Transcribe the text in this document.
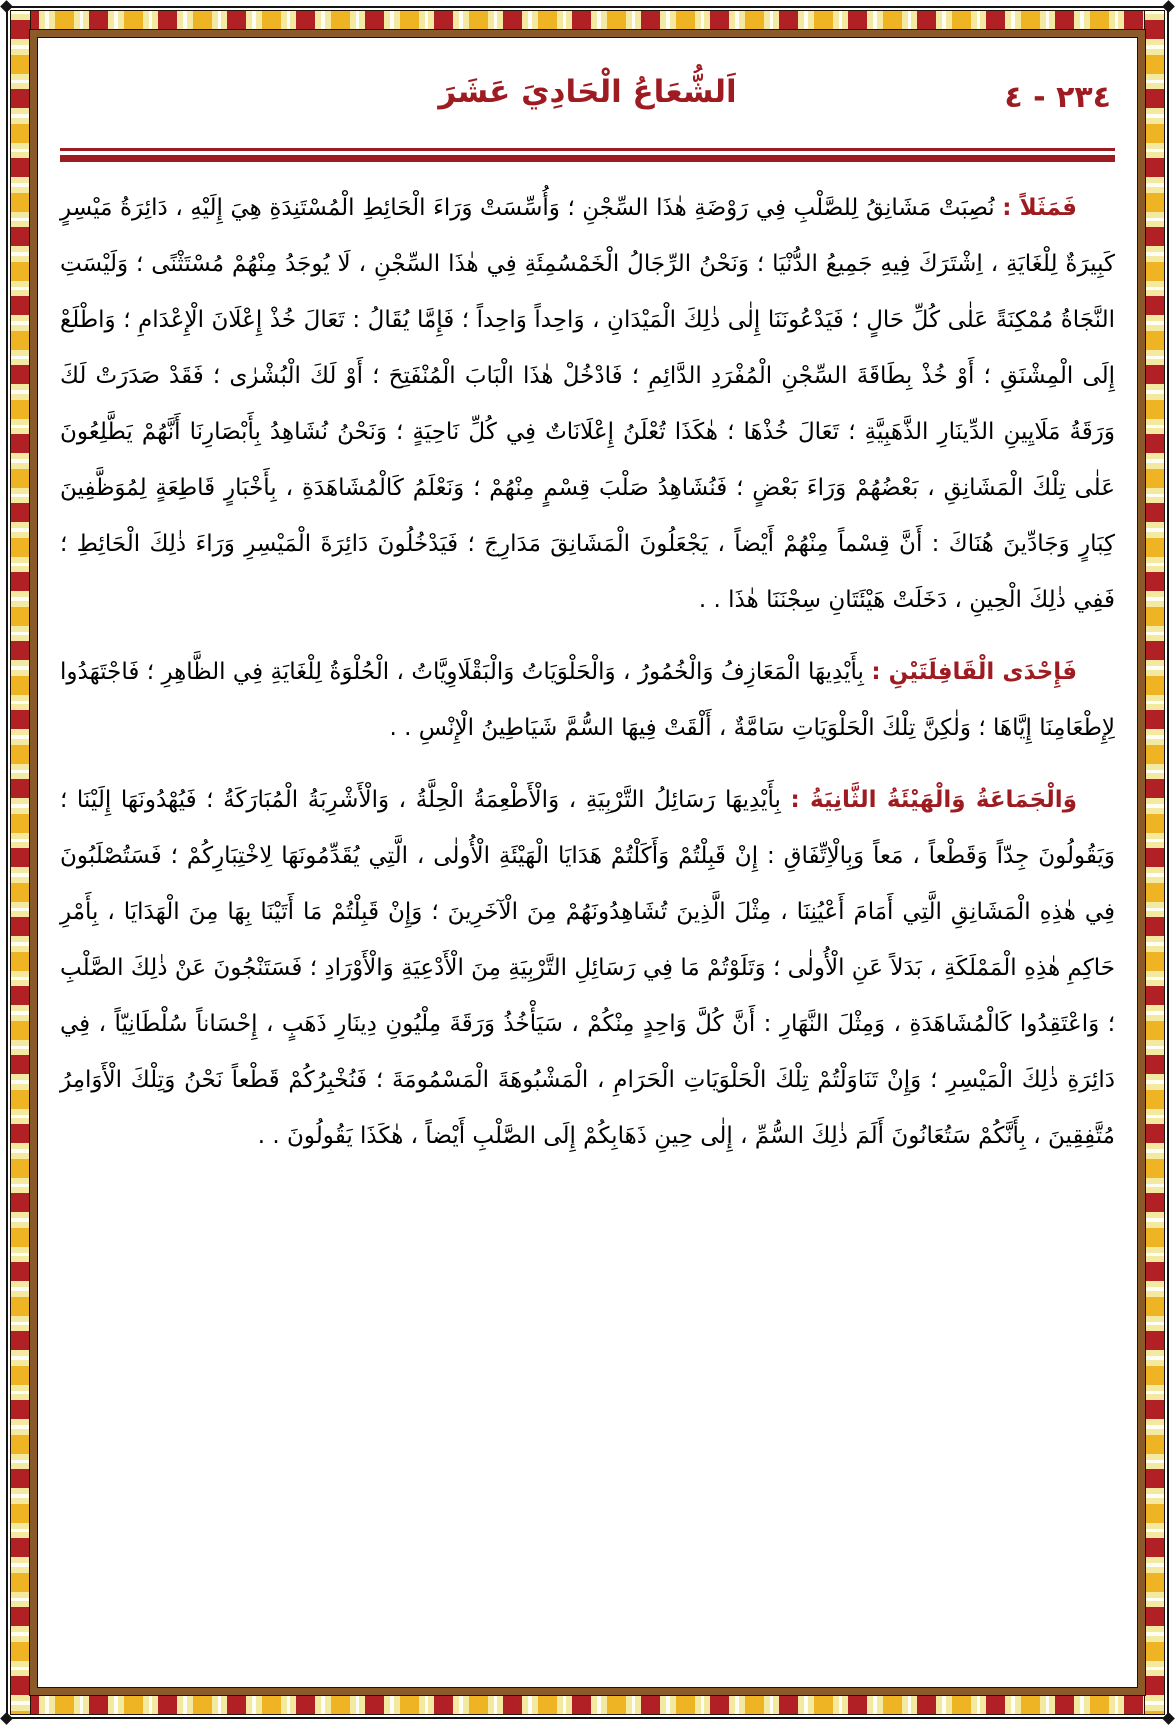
٢٣٤ - ٤
اَلشُّعَاعُ الْحَادِيَ عَشَرَ

فَمَثَلاً : نُصِبَتْ مَشَانِقُ لِلصَّلْبِ فِي رَوْضَةِ هٰذَا السِّجْنِ ؛ وَأُسِّسَتْ وَرَاءَ الْحَائِطِ الْمُسْتَنِدَةِ هِيَ إِلَيْهِ ، دَائِرَةُ مَيْسِرٍ كَبِيرَةٌ لِلْغَايَةِ ، اِشْتَرَكَ فِيهِ جَمِيعُ الدُّنْيَا ؛ وَنَحْنُ الرِّجَالُ الْخَمْسُمِئَةِ فِي هٰذَا السِّجْنِ ، لَا يُوجَدُ مِنْهُمْ مُسْتَثْنًى ؛ وَلَيْسَتِ النَّجَاةُ مُمْكِنَةً عَلٰى كُلِّ حَالٍ ؛ فَيَدْعُونَنَا إِلٰى ذٰلِكَ الْمَيْدَانِ ، وَاحِداً وَاحِداً ؛ فَإِمَّا يُقَالُ : تَعَالَ خُذْ إِعْلَانَ الْإِعْدَامِ ؛ وَاطْلَعْ إِلَى الْمِشْنَقِ ؛ أَوْ خُذْ بِطَاقَةَ السِّجْنِ الْمُفْرَدِ الدَّائِمِ ؛ فَادْخُلْ هٰذَا الْبَابَ الْمُنْفَتِحَ ؛ أَوْ لَكَ الْبُشْرٰى ؛ فَقَدْ صَدَرَتْ لَكَ وَرَقَةُ مَلَايِينِ الدِّينَارِ الذَّهَبِيَّةِ ؛ تَعَالَ خُذْهَا ؛ هٰكَذَا تُعْلَنُ إِعْلَانَاتٌ فِي كُلِّ نَاحِيَةٍ ؛ وَنَحْنُ نُشَاهِدُ بِأَبْصَارِنَا أَنَّهُمْ يَطَّلِعُونَ عَلٰى تِلْكَ الْمَشَانِقِ ، بَعْضُهُمْ وَرَاءَ بَعْضٍ ؛ فَنُشَاهِدُ صَلْبَ قِسْمٍ مِنْهُمْ ؛ وَنَعْلَمُ كَالْمُشَاهَدَةِ ، بِأَخْبَارٍ قَاطِعَةٍ لِمُوَظَّفِينَ كِبَارٍ وَجَادِّينَ هُنَاكَ : أَنَّ قِسْماً مِنْهُمْ أَيْضاً ، يَجْعَلُونَ الْمَشَانِقَ مَدَارِجَ ؛ فَيَدْخُلُونَ دَائِرَةَ الْمَيْسِرِ وَرَاءَ ذٰلِكَ الْحَائِطِ ؛ فَفِي ذٰلِكَ الْحِينِ ، دَخَلَتْ هَيْئَتَانِ سِجْنَنَا هٰذَا . .

فَإِحْدَى الْقَافِلَتَيْنِ : بِأَيْدِيهَا الْمَعَازِفُ وَالْخُمُورُ ، وَالْحَلْوَيَاتُ وَالْبَقْلَاوِيَّاتُ ، الْحُلْوَةُ لِلْغَايَةِ فِي الظَّاهِرِ ؛ فَاجْتَهَدُوا لِإِطْعَامِنَا إِيَّاهَا ؛ وَلٰكِنَّ تِلْكَ الْحَلْوَيَاتِ سَامَّةٌ ، أَلْقَتْ فِيهَا السُّمَّ شَيَاطِينُ الْإِنْسِ . .

وَالْجَمَاعَةُ وَالْهَيْئَةُ الثَّانِيَةُ : بِأَيْدِيهَا رَسَائِلُ التَّرْبِيَةِ ، وَالْأَطْعِمَةُ الْحِلَّةُ ، وَالْأَشْرِبَةُ الْمُبَارَكَةُ ؛ فَيُهْدُونَهَا إِلَيْنَا ؛ وَيَقُولُونَ جِدّاً وَقَطْعاً ، مَعاً وَبِالْاِتِّفَاقِ : إِنْ قَبِلْتُمْ وَأَكَلْتُمْ هَدَايَا الْهَيْئَةِ الْأُولٰى ، الَّتِي يُقَدِّمُونَهَا لِاخْتِبَارِكُمْ ؛ فَسَتُصْلَبُونَ فِي هٰذِهِ الْمَشَانِقِ الَّتِي أَمَامَ أَعْيُنِنَا ، مِثْلَ الَّذِينَ تُشَاهِدُونَهُمْ مِنَ الْآخَرِينَ ؛ وَإِنْ قَبِلْتُمْ مَا أَتَيْنَا بِهَا مِنَ الْهَدَايَا ، بِأَمْرِ حَاكِمِ هٰذِهِ الْمَمْلَكَةِ ، بَدَلاً عَنِ الْأُولٰى ؛ وَتَلَوْتُمْ مَا فِي رَسَائِلِ التَّرْبِيَةِ مِنَ الْأَدْعِيَةِ وَالْأَوْرَادِ ؛ فَسَتَنْجُونَ عَنْ ذٰلِكَ الصَّلْبِ ؛ وَاعْتَقِدُوا كَالْمُشَاهَدَةِ ، وَمِثْلَ النَّهَارِ : أَنَّ كُلَّ وَاحِدٍ مِنْكُمْ ، سَيَأْخُذُ وَرَقَةَ مِلْيُونِ دِينَارِ ذَهَبٍ ، إِحْسَاناً سُلْطَانِيّاً ، فِي دَائِرَةِ ذٰلِكَ الْمَيْسِرِ ؛ وَإِنْ تَنَاوَلْتُمْ تِلْكَ الْحَلْوَيَاتِ الْحَرَامِ ، الْمَشْبُوهَةَ الْمَسْمُومَةَ ؛ فَنُخْبِرُكُمْ قَطْعاً نَحْنُ وَتِلْكَ الْأَوَامِرُ مُتَّفِقِينَ ، بِأَنَّكُمْ سَتُعَانُونَ أَلَمَ ذٰلِكَ السُّمِّ ، إِلٰى حِينِ ذَهَابِكُمْ إِلَى الصَّلْبِ أَيْضاً ، هٰكَذَا يَقُولُونَ . .
